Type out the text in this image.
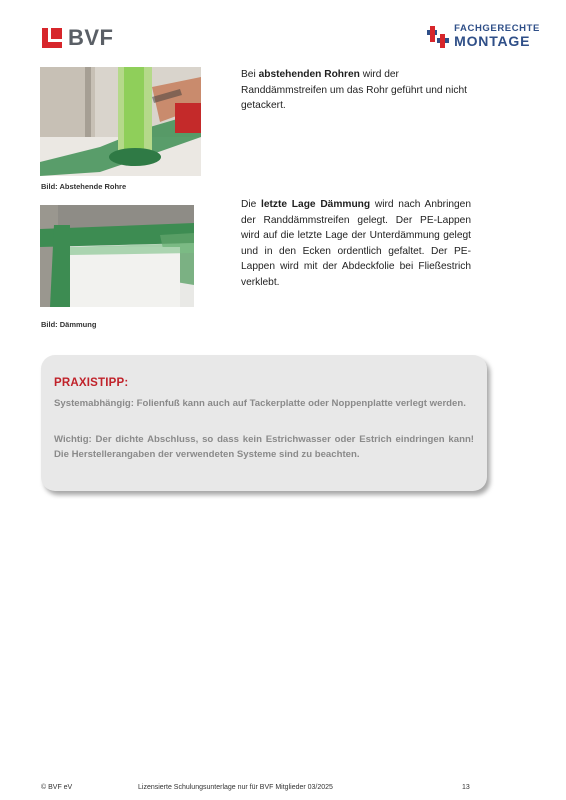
BVF	FACHGERECHTE
MONTAGE
Bild: Abstehende Rohre
Bei abstehenden Rohren wird der Randdämmstreifen um das Rohr geführt und nicht getackert.
Bild: Dämmung
Die letzte Lage Dämmung wird nach Anbringen der Randdämmstreifen gelegt. Der PE-Lappen wird auf die letzte Lage der Unterdämmung gelegt und in den Ecken ordentlich gefaltet. Der PE-Lappen wird mit der Abdeckfolie bei Fließestrich verklebt.
PRAXISTIPP:
Systemabhängig: Folienfuß kann auch auf Tackerplatte oder Noppenplatte verlegt werden.
Wichtig: Der dichte Abschluss, so dass kein Estrichwasser oder Estrich eindringen kann! Die Herstellerangaben der verwendeten Systeme sind zu beachten.
© BVF eV	Lizensierte Schulungsunterlage nur für BVF Mitglieder 03/2025	13
